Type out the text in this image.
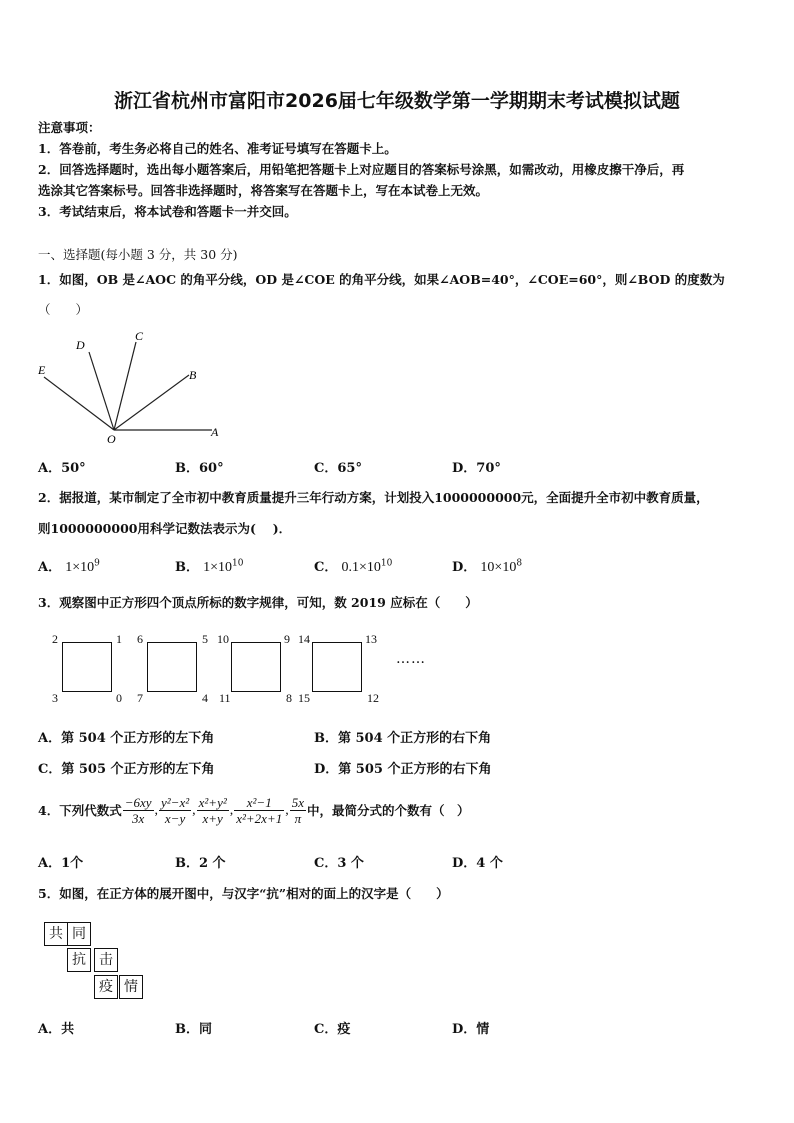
浙江省杭州市富阳市2026届七年级数学第一学期期末考试模拟试题
注意事项：
1．答卷前，考生务必将自己的姓名、准考证号填写在答题卡上。
2．回答选择题时，选出每小题答案后，用铅笔把答题卡上对应题目的答案标号涂黑，如需改动，用橡皮擦干净后，再
选涂其它答案标号。回答非选择题时，将答案写在答题卡上，写在本试卷上无效。
3．考试结束后，将本试卷和答题卡一并交回。
一、选择题(每小题 3 分，共 30 分)
1．如图，OB 是∠AOC 的角平分线，OD 是∠COE 的角平分线，如果∠AOB=40°，∠COE=60°，则∠BOD 的度数为
（　　）
E
D
C
B
O	A
A．50°	B．60°	C．65°	D．70°
2．据报道，某市制定了全市初中教育质量提升三年行动方案，计划投入1000000000元，全面提升全市初中教育质量，
则1000000000用科学记数法表示为(　 )．
A． $1\times 10^9$	B． $1\times 10^{10}$	C． $0.1\times 10^{10}$	D． $10\times 10^8$
3．观察图中正方形四个顶点所标的数字规律，可知，数 2019 应标在（　　）
2	1
3	0
6	5
7	4
10	9
11	8
14	13
15	12
……
A．第 504 个正方形的左下角	B．第 504 个正方形的右下角
C．第 505 个正方形的左下角	D．第 505 个正方形的右下角
4．下列代数式 $\frac{-6xy}{3x}$ , $\frac{\text{y²−x²}}{x-y}$ , $\frac{\text{x²+y²}}{x+y}$ , $\frac{\text{x²−1}}{\text{x²+2x+1}}$ , $\frac{5x}{\pi}$ 中，最简分式的个数有（　）
A．1个	B．2 个	C．3 个	D．4 个
5．如图，在正方体的展开图中，与汉字“抗”相对的面上的汉字是（　　）
共 同
抗 击
疫 情
A．共	B．同	C．疫	D．情
